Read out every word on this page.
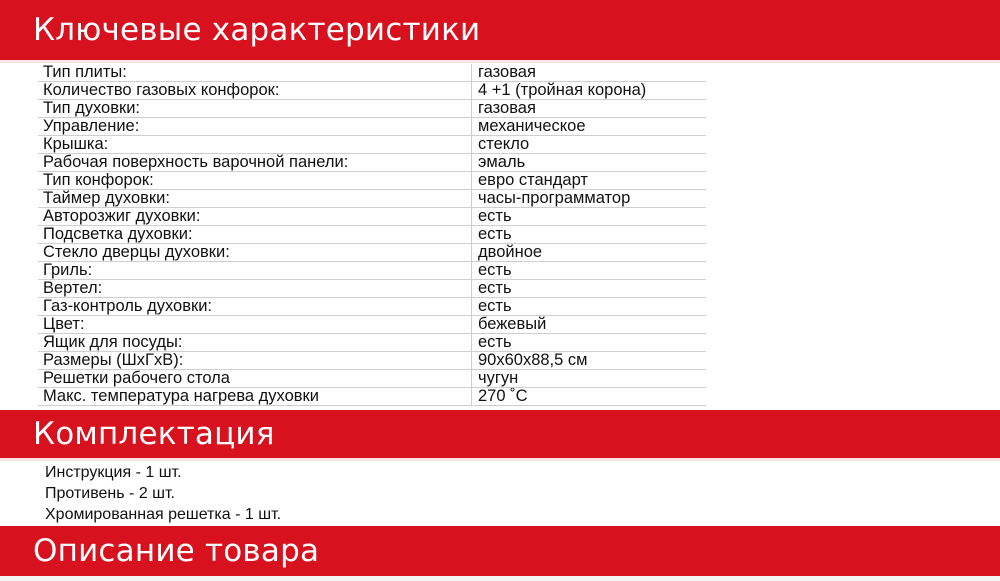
Ключевые характеристики
Тип плиты:	газовая
Количество газовых конфорок:	4 +1 (тройная корона)
Тип духовки:	газовая
Управление:	механическое
Крышка:	стекло
Рабочая поверхность варочной панели:	эмаль
Тип конфорок:	евро стандарт
Таймер духовки:	часы-программатор
Авторозжиг духовки:	есть
Подсветка духовки:	есть
Стекло дверцы духовки:	двойное
Гриль:	есть
Вертел:	есть
Газ-контроль духовки:	есть
Цвет:	бежевый
Ящик для посуды:	есть
Размеры (ШхГхВ):	90х60х88,5 см
Решетки рабочего стола	чугун
Макс. температура нагрева духовки	270 ˚С
Комплектация
Инструкция - 1 шт.
Противень - 2 шт.
Хромированная решетка - 1 шт.
Описание товара
